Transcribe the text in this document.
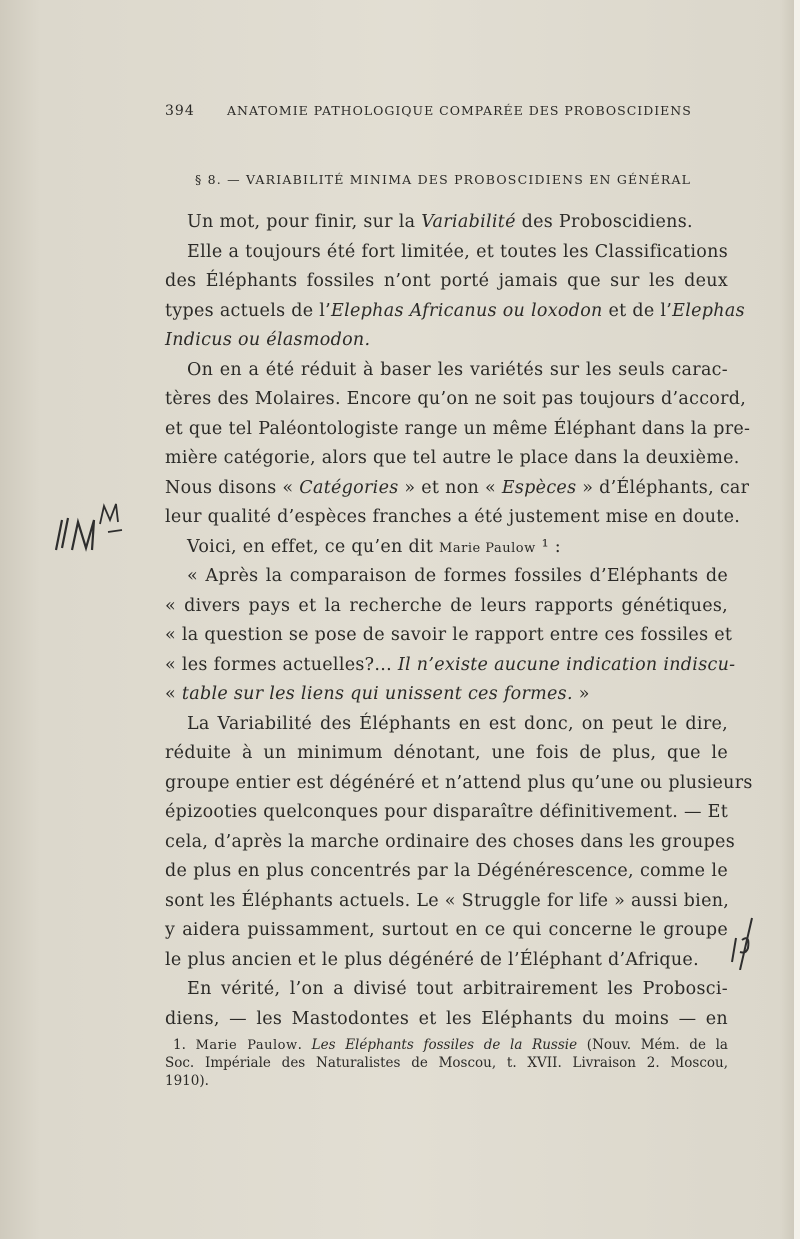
394	ANATOMIE PATHOLOGIQUE COMPARÉE DES PROBOSCIDIENS
§ 8. — VARIABILITÉ MINIMA DES PROBOSCIDIENS EN GÉNÉRAL
Un mot, pour finir, sur la Variabilité des Proboscidiens.
Elle a toujours été fort limitée, et toutes les Classifications
des Éléphants fossiles n’ont porté jamais que sur les deux
types actuels de l’Elephas Africanus ou loxodon et de l’Elephas
Indicus ou élasmodon.
On en a été réduit à baser les variétés sur les seuls carac-
tères des Molaires. Encore qu’on ne soit pas toujours d’accord,
et que tel Paléontologiste range un même Éléphant dans la pre-
mière catégorie, alors que tel autre le place dans la deuxième.
Nous disons « Catégories » et non « Espèces » d’Éléphants, car
leur qualité d’espèces franches a été justement mise en doute.
Voici, en effet, ce qu’en dit Marie Paulow ¹ :
« Après la comparaison de formes fossiles d’Eléphants de
« divers pays et la recherche de leurs rapports génétiques,
« la question se pose de savoir le rapport entre ces fossiles et
« les formes actuelles?... Il n’existe aucune indication indiscu-
« table sur les liens qui unissent ces formes. »
La Variabilité des Éléphants en est donc, on peut le dire,
réduite à un minimum dénotant, une fois de plus, que le
groupe entier est dégénéré et n’attend plus qu’une ou plusieurs
épizooties quelconques pour disparaître définitivement. — Et
cela, d’après la marche ordinaire des choses dans les groupes
de plus en plus concentrés par la Dégénérescence, comme le
sont les Éléphants actuels. Le « Struggle for life » aussi bien,
y aidera puissamment, surtout en ce qui concerne le groupe
le plus ancien et le plus dégénéré de l’Éléphant d’Afrique.
En vérité, l’on a divisé tout arbitrairement les Probosci-
diens, — les Mastodontes et les Eléphants du moins — en
1. Marie Paulow. Les Eléphants fossiles de la Russie (Nouv. Mém. de la
Soc. Impériale des Naturalistes de Moscou, t. XVII. Livraison 2. Moscou,
1910).
